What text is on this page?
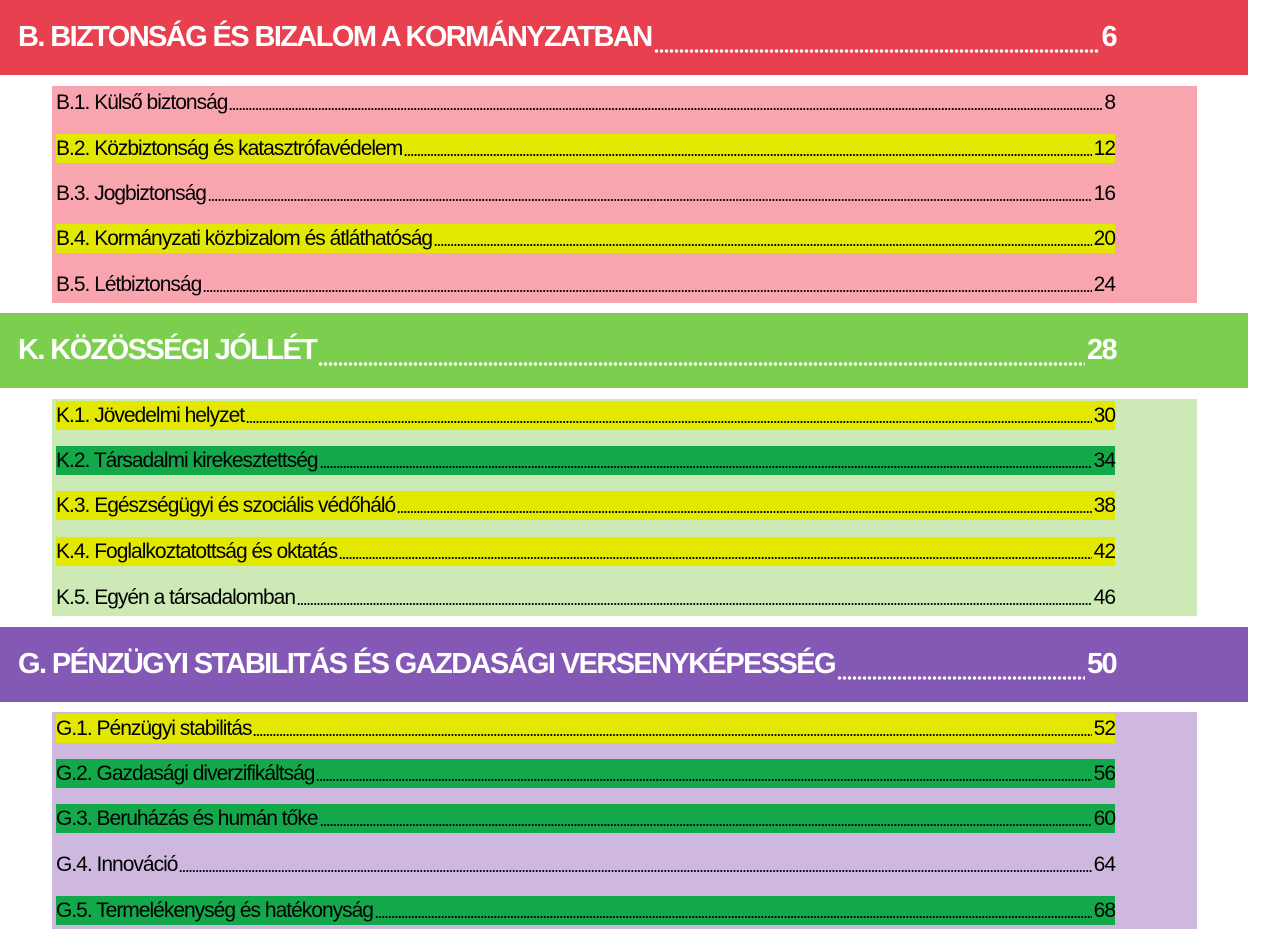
B. BIZTONSÁG ÉS BIZALOM A KORMÁNYZATBAN	6
B.1. Külső biztonság	8
B.2. Közbiztonság és katasztrófavédelem	12
B.3. Jogbiztonság	16
B.4. Kormányzati közbizalom és átláthatóság	20
B.5. Létbiztonság	24
K. KÖZÖSSÉGI JÓLLÉT	28
K.1. Jövedelmi helyzet	30
K.2. Társadalmi kirekesztettség	34
K.3. Egészségügyi és szociális védőháló	38
K.4. Foglalkoztatottság és oktatás	42
K.5. Egyén a társadalomban	46
G. PÉNZÜGYI STABILITÁS ÉS GAZDASÁGI VERSENYKÉPESSÉG	50
G.1. Pénzügyi stabilitás	52
G.2. Gazdasági diverzifikáltság	56
G.3. Beruházás és humán tőke	60
G.4. Innováció	64
G.5. Termelékenység és hatékonyság	68
